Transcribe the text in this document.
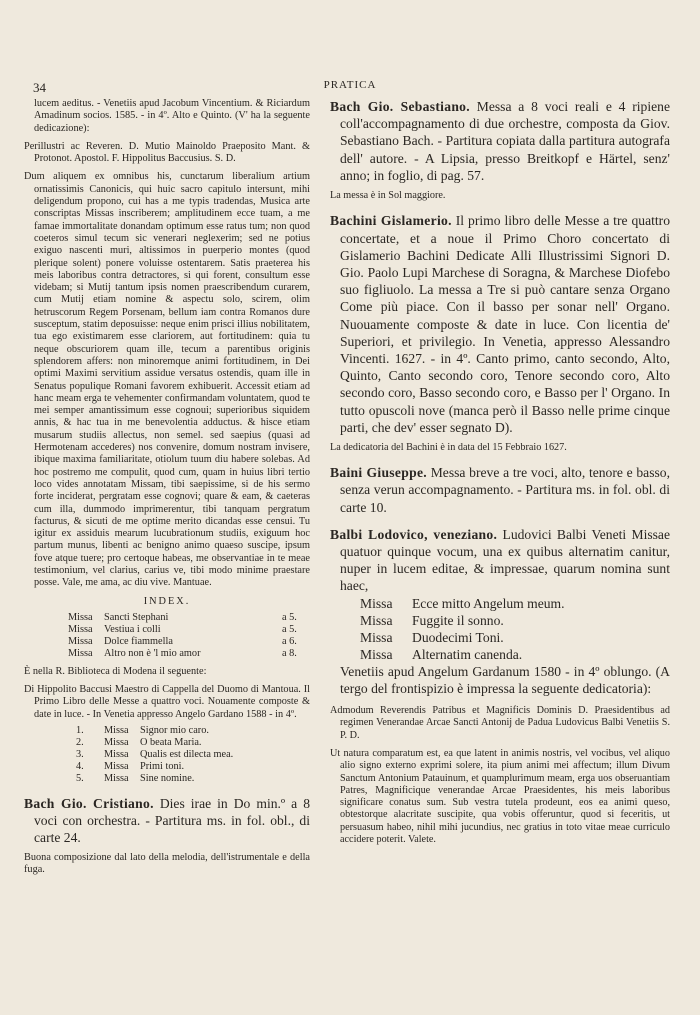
34	PRATICA

lucem aeditus. - Venetiis apud Jacobum Vincentium. & Riciardum Amadinum socios. 1585. - in 4º. Alto e Quinto. (V' ha la seguente dedicazione):

Perillustri ac Reveren. D. Mutio Mainoldo Praeposito Mant. & Protonot. Apostol. F. Hippolitus Baccusius. S. D.

Dum aliquem ex omnibus his, cunctarum liberalium artium ornatissimis Canonicis, qui huic sacro capitulo intersunt, mihi deligendum propono, cui has a me typis tradendas, Musica arte conscriptas Missas inscriberem; amplitudinem ecce tuam, a me famae immortalitate donandam optimum esse ratus tum; non quod coeteros simul tecum sic venerari neglexerim; sed ne potius exiguo nascenti muri, altissimos in puerperio montes (quod plerique solent) ponere voluisse ostentarem. Satis praeterea his meis laboribus contra detractores, si qui forent, consultum esse videbam; si Mutij tantum ipsis nomen praescribendum curarem, cum Mutij etiam nomine & aspectu solo, scirem, olim hetruscorum Regem Porsenam, bellum iam contra Romanos dure susceptum, statim deposuisse: neque enim prisci illius nobilitatem, tua ego existimarem esse clariorem, aut fortitudinem: quia tu neque obscuriorem quam ille, tecum a parentibus originis splendorem affers: non minoremque animi fortitudinem, in Dei optimi Maximi servitium assidue versatus ostendis, quam ille in Senatus populique Romani favorem exhibuerit. Accessit etiam ad hanc meam erga te vehementer confirmandam voluntatem, quod te mei semper amantissimum esse cognoui; superioribus siquidem annis, & hac tua in me benevolentia adductus. & hisce etiam musarum studiis allectus, non semel. sed saepius (quasi ad Hermotenam accederes) nos convenire, domum nostram invisere, ibique maxima familiaritate, otiolum tuum diu habere solebas. Ad hoc postremo me compulit, quod cum, quam in huius libri tertio loco vides annotatam Missam, tibi saepissime, si de his sermo forte inciderat, pergratam esse cognovi; quare & eam, & caeteras cum illa, dummodo imprimerentur, tibi tanquam pergratum facturus, & sicuti de me optime merito dicandas esse censui. Tu igitur ex assiduis mearum lucubrationum studiis, exiguum hoc partum munus, libenti ac benigno animo quaeso suscipe, ipsum fove atque tuere; pro certoque habeas, me observantiae in te meae testimonium, vel clarius, carius ve, tibi modo minime praestare posse. Vale, me ama, ac diu vive. Mantuae.

INDEX.
Missa	Sancti Stephani	a 5.
Missa	Vestiua i colli	a 5.
Missa	Dolce fiammella	a 6.
Missa	Altro non è 'l mio amor	a 8.

È nella R. Biblioteca di Modena il seguente:

Di Hippolito Baccusi Maestro di Cappella del Duomo di Mantoua. Il Primo Libro delle Messe a quattro voci. Nouamente composte & date in luce. - In Venetia appresso Angelo Gardano 1588 - in 4º.

1.	Missa	Signor mio caro.
2.	Missa	O beata Maria.
3.	Missa	Qualis est dilecta mea.
4.	Missa	Primi toni.
5.	Missa	Sine nomine.

Bach Gio. Cristiano. Dies irae in Do min.º a 8 voci con orchestra. - Partitura ms. in fol. obl., di carte 24.

Buona composizione dal lato della melodia, dell'istrumentale e della fuga.

Bach Gio. Sebastiano. Messa a 8 voci reali e 4 ripiene coll'accompagnamento di due orchestre, composta da Giov. Sebastiano Bach. - Partitura copiata dalla partitura autografa dell' autore. - A Lipsia, presso Breitkopf e Härtel, senz' anno; in foglio, di pag. 57.

La messa è in Sol maggiore.

Bachini Gislamerio. Il primo libro delle Messe a tre quattro concertate, et a noue il Primo Choro concertato di Gislamerio Bachini Dedicate Alli Illustrissimi Signori D. Gio. Paolo Lupi Marchese di Soragna, & Marchese Diofebo suo figliuolo. La messa a Tre si può cantare senza Organo Come più piace. Con il basso per sonar nell' Organo. Nuouamente composte & date in luce. Con licentia de' Superiori, et privilegio. In Venetia, appresso Alessandro Vincenti. 1627. - in 4º. Canto primo, canto secondo, Alto, Quinto, Canto secondo coro, Tenore secondo coro, Alto secondo coro, Basso secondo coro, e Basso per l' Organo. In tutto opuscoli nove (manca però il Basso nelle prime cinque parti, che dev' esser segnato D).

La dedicatoria del Bachini è in data del 15 Febbraio 1627.

Baini Giuseppe. Messa breve a tre voci, alto, tenore e basso, senza verun accompagnamento. - Partitura ms. in fol. obl. di carte 10.

Balbi Lodovico, veneziano. Ludovici Balbi Veneti Missae quatuor quinque vocum, una ex quibus alternatim canitur, nuper in lucem editae, & impressae, quarum nomina sunt haec,

Missa	Ecce mitto Angelum meum.
Missa	Fuggite il sonno.
Missa	Duodecimi Toni.
Missa	Alternatim canenda.

Venetiis apud Angelum Gardanum 1580 - in 4º oblungo. (A tergo del frontispizio è impressa la seguente dedicatoria):

Admodum Reverendis Patribus et Magnificis Dominis D. Praesidentibus ad regimen Venerandae Arcae Sancti Antonij de Padua Ludovicus Balbi Venetiis S. P. D.

Ut natura comparatum est, ea que latent in animis nostris, vel vocibus, vel aliquo alio signo externo exprimi solere, ita pium animi mei affectum; illum Divum Sanctum Antonium Patauinum, et quamplurimum meam, erga uos obseruantiam Patres, Magnificique venerandae Arcae Praesidentes, his meis laboribus significare conatus sum. Sub vestra tutela prodeunt, eos ea animi queso, obtestorque alacritate suscipite, qua vobis offeruntur, quod si feceritis, ut persuasum habeo, nihil mihi jucundius, nec gratius in toto vitae meae curriculo accidere poterit. Valete.
